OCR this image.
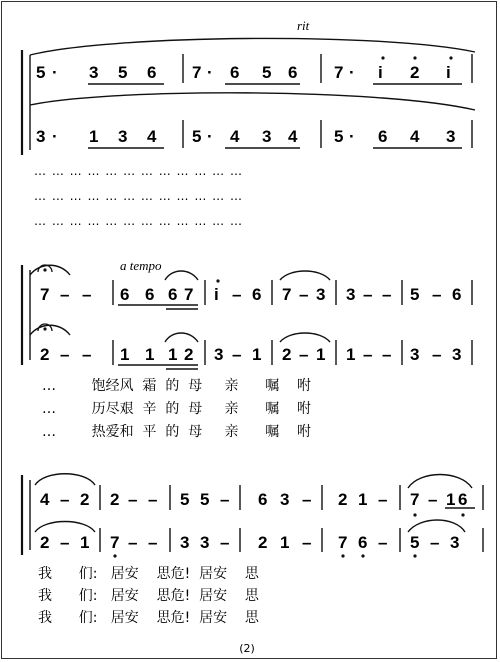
rit
5 · 3 5 6 7 · 6 5 6 7 · i 2 i
3 · 1 3 4 5 · 4 3 4 5 · 6 4 3
… … … … … … … … … … … …
… … … … … … … … … … … …
… … … … … … … … … … … …
a tempo
7 – – 6 6 6 7 i – 6 7 – 3 3 – – 5 – 6
2 – – 1 1 1 2 3 – 1 2 – 1 1 – – 3 – 3
…        饱经风  霜  的  母     亲      嘱    咐
…        历尽艰  辛  的  母     亲      嘱    咐
…        热爱和  平  的  母     亲      嘱    咐
4 – 2 2 – – 5 5 – 6 3 – 2 1 – 7 – 1 6
2 – 1 7 – – 3 3 – 2 1 – 7 6 – 5 – 3
我      们:   居安    思危!  居安    思
我      们:   居安    思危!  居安    思
我      们:   居安    思危!  居安    思
(2)
